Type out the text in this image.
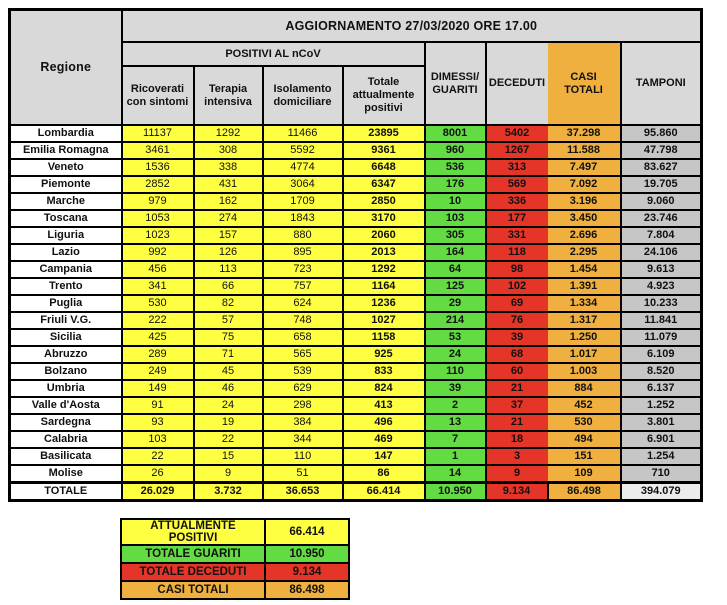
Regione	AGGIORNAMENTO 27/03/2020 ORE 17.00							
	POSITIVI AL nCoV				DIMESSI/ GUARITI	DECEDUTI	CASI TOTALI	TAMPONI
	Ricoverati con sintomi	Terapia intensiva	Isolamento domiciliare	Totale attualmente positivi				
Lombardia	11137	1292	11466	23895	8001	5402	37.298	95.860
Emilia Romagna	3461	308	5592	9361	960	1267	11.588	47.798
Veneto	1536	338	4774	6648	536	313	7.497	83.627
Piemonte	2852	431	3064	6347	176	569	7.092	19.705
Marche	979	162	1709	2850	10	336	3.196	9.060
Toscana	1053	274	1843	3170	103	177	3.450	23.746
Liguria	1023	157	880	2060	305	331	2.696	7.804
Lazio	992	126	895	2013	164	118	2.295	24.106
Campania	456	113	723	1292	64	98	1.454	9.613
Trento	341	66	757	1164	125	102	1.391	4.923
Puglia	530	82	624	1236	29	69	1.334	10.233
Friuli V.G.	222	57	748	1027	214	76	1.317	11.841
Sicilia	425	75	658	1158	53	39	1.250	11.079
Abruzzo	289	71	565	925	24	68	1.017	6.109
Bolzano	249	45	539	833	110	60	1.003	8.520
Umbria	149	46	629	824	39	21	884	6.137
Valle d'Aosta	91	24	298	413	2	37	452	1.252
Sardegna	93	19	384	496	13	21	530	3.801
Calabria	103	22	344	469	7	18	494	6.901
Basilicata	22	15	110	147	1	3	151	1.254
Molise	26	9	51	86	14	9	109	710
TOTALE	26.029	3.732	36.653	66.414	10.950	9.134	86.498	394.079
ATTUALMENTE POSITIVI	66.414
TOTALE GUARITI	10.950
TOTALE DECEDUTI	9.134
CASI TOTALI	86.498
